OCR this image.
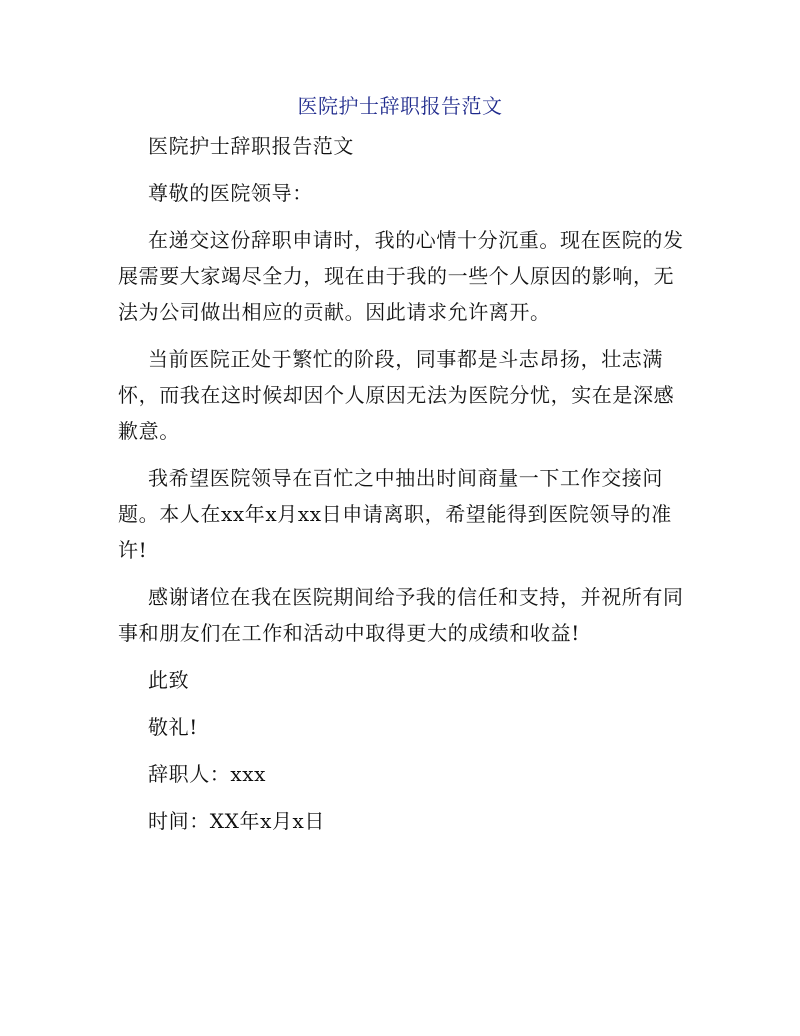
医院护士辞职报告范文

医院护士辞职报告范文

尊敬的医院领导：

在递交这份辞职申请时，我的心情十分沉重。现在医院的发展需要大家竭尽全力，现在由于我的一些个人原因的影响，无法为公司做出相应的贡献。因此请求允许离开。

当前医院正处于繁忙的阶段，同事都是斗志昂扬，壮志满怀，而我在这时候却因个人原因无法为医院分忧，实在是深感歉意。

我希望医院领导在百忙之中抽出时间商量一下工作交接问题。本人在xx年x月xx日申请离职，希望能得到医院领导的准许!

感谢诸位在我在医院期间给予我的信任和支持，并祝所有同事和朋友们在工作和活动中取得更大的成绩和收益!

此致

敬礼!

辞职人：xxx

时间：XX年x月x日
